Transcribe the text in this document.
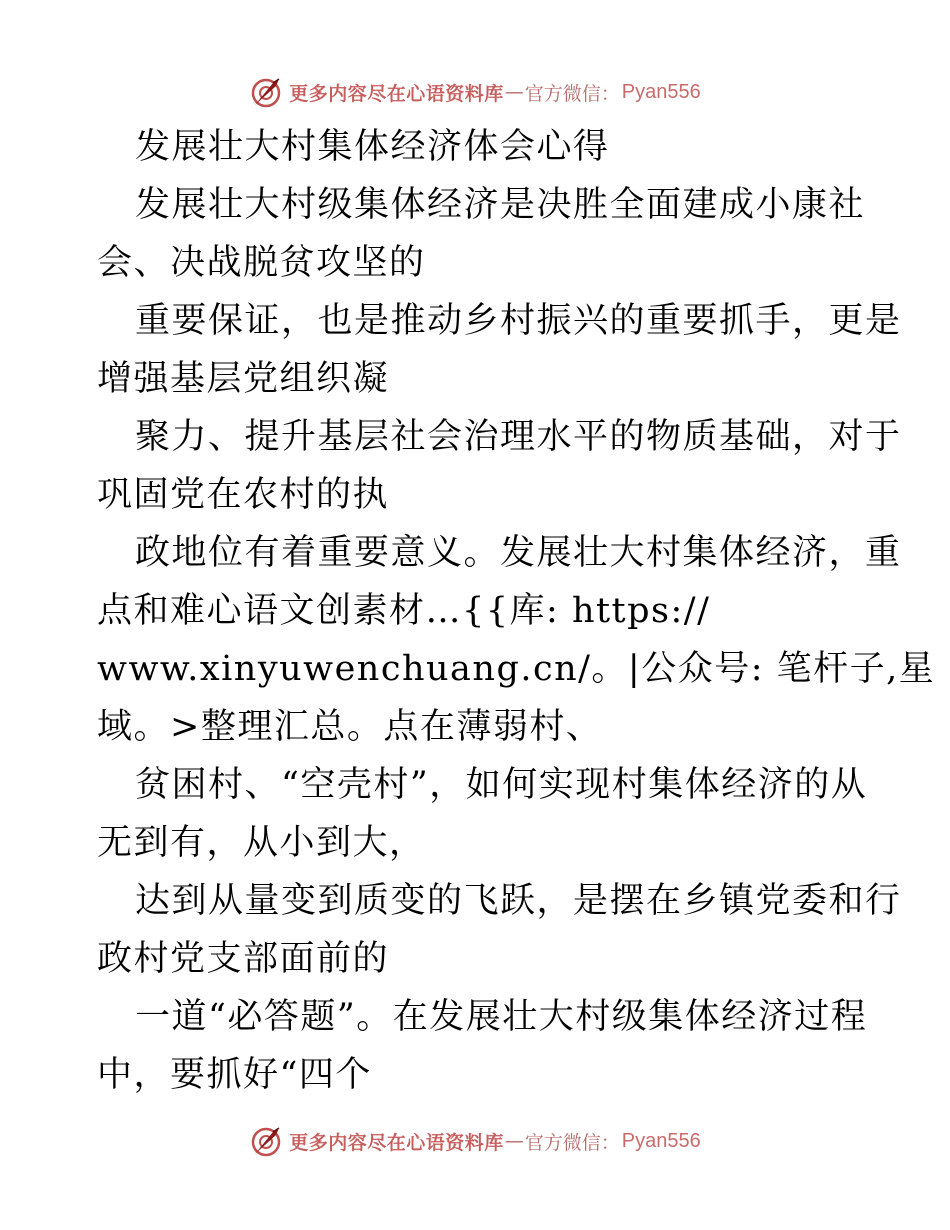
更多内容尽在心语资料库 — 官方微信： Pyan556
发展壮大村集体经济体会心得
发展壮大村级集体经济是决胜全面建成小康社
会、决战脱贫攻坚的
重要保证，也是推动乡村振兴的重要抓手，更是
增强基层党组织凝
聚力、提升基层社会治理水平的物质基础，对于
巩固党在农村的执
政地位有着重要意义。发展壮大村集体经济，重
点和难心语文创素材…{{库: https://
www.xinyuwenchuang.cn/。|公众号: 笔杆子,星
域。>整理汇总。点在薄弱村、
贫困村、“空壳村”，如何实现村集体经济的从
无到有，从小到大，
达到从量变到质变的飞跃，是摆在乡镇党委和行
政村党支部面前的
一道“必答题”。在发展壮大村级集体经济过程
中，要抓好“四个
更多内容尽在心语资料库 — 官方微信： Pyan556
